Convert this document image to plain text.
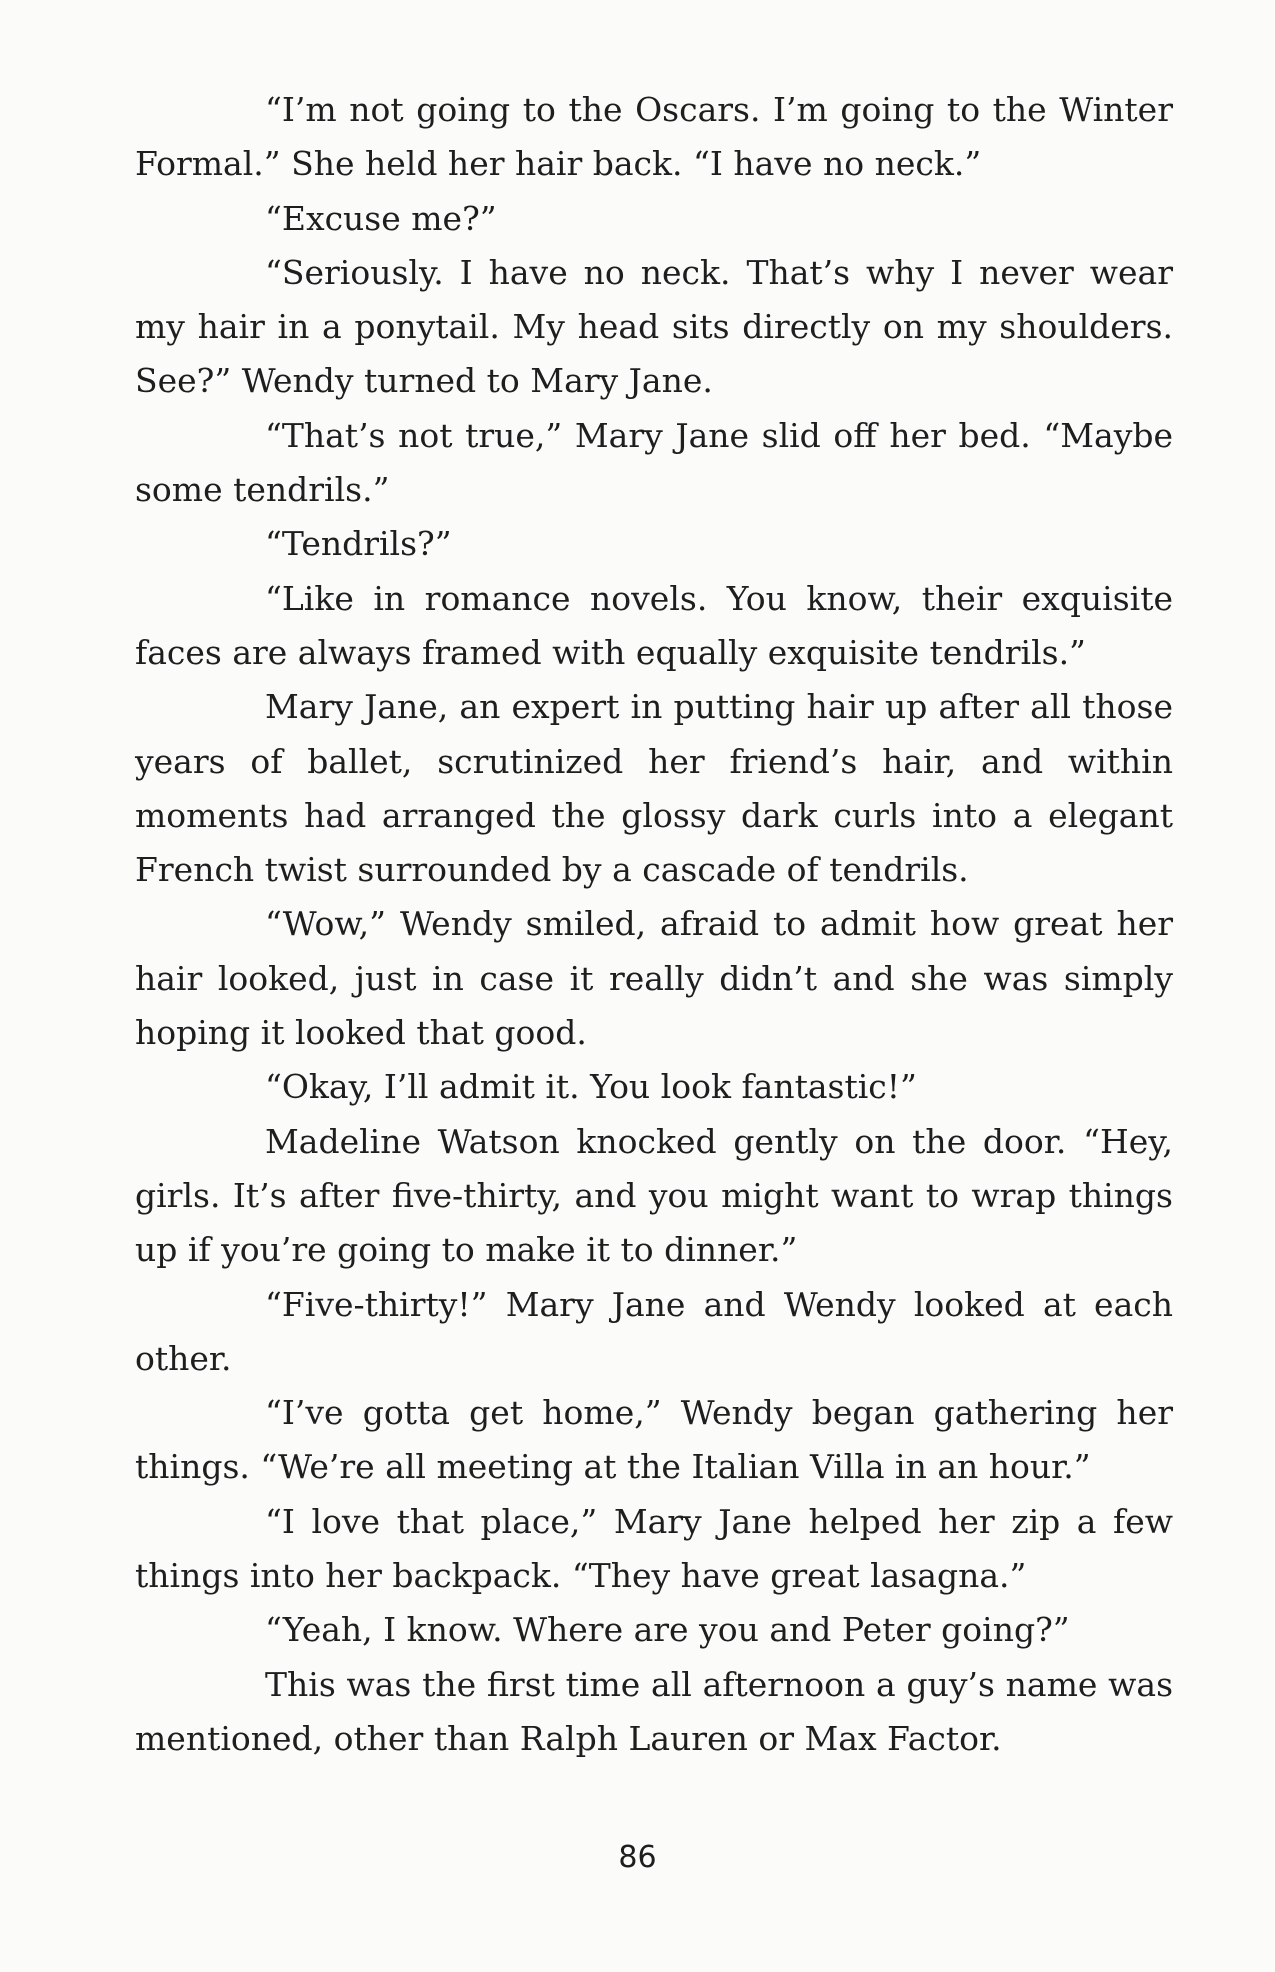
“I’m not going to the Oscars. I’m going to the Winter Formal.” She held her hair back. “I have no neck.”

“Excuse me?”

“Seriously. I have no neck. That’s why I never wear my hair in a ponytail. My head sits directly on my shoulders. See?” Wendy turned to Mary Jane.

“That’s not true,” Mary Jane slid off her bed. “Maybe some tendrils.”

“Tendrils?”

“Like in romance novels. You know, their exquisite faces are always framed with equally exquisite tendrils.”

Mary Jane, an expert in putting hair up after all those years of ballet, scrutinized her friend’s hair, and within moments had arranged the glossy dark curls into a elegant French twist surrounded by a cascade of tendrils.

“Wow,” Wendy smiled, afraid to admit how great her hair looked, just in case it really didn’t and she was simply hoping it looked that good.

“Okay, I’ll admit it. You look fantastic!”

Madeline Watson knocked gently on the door. “Hey, girls. It’s after five-thirty, and you might want to wrap things up if you’re going to make it to dinner.”

“Five-thirty!” Mary Jane and Wendy looked at each other.

“I’ve gotta get home,” Wendy began gathering her things. “We’re all meeting at the Italian Villa in an hour.”

“I love that place,” Mary Jane helped her zip a few things into her backpack. “They have great lasagna.”

“Yeah, I know. Where are you and Peter going?”

This was the first time all afternoon a guy’s name was mentioned, other than Ralph Lauren or Max Factor.

86
